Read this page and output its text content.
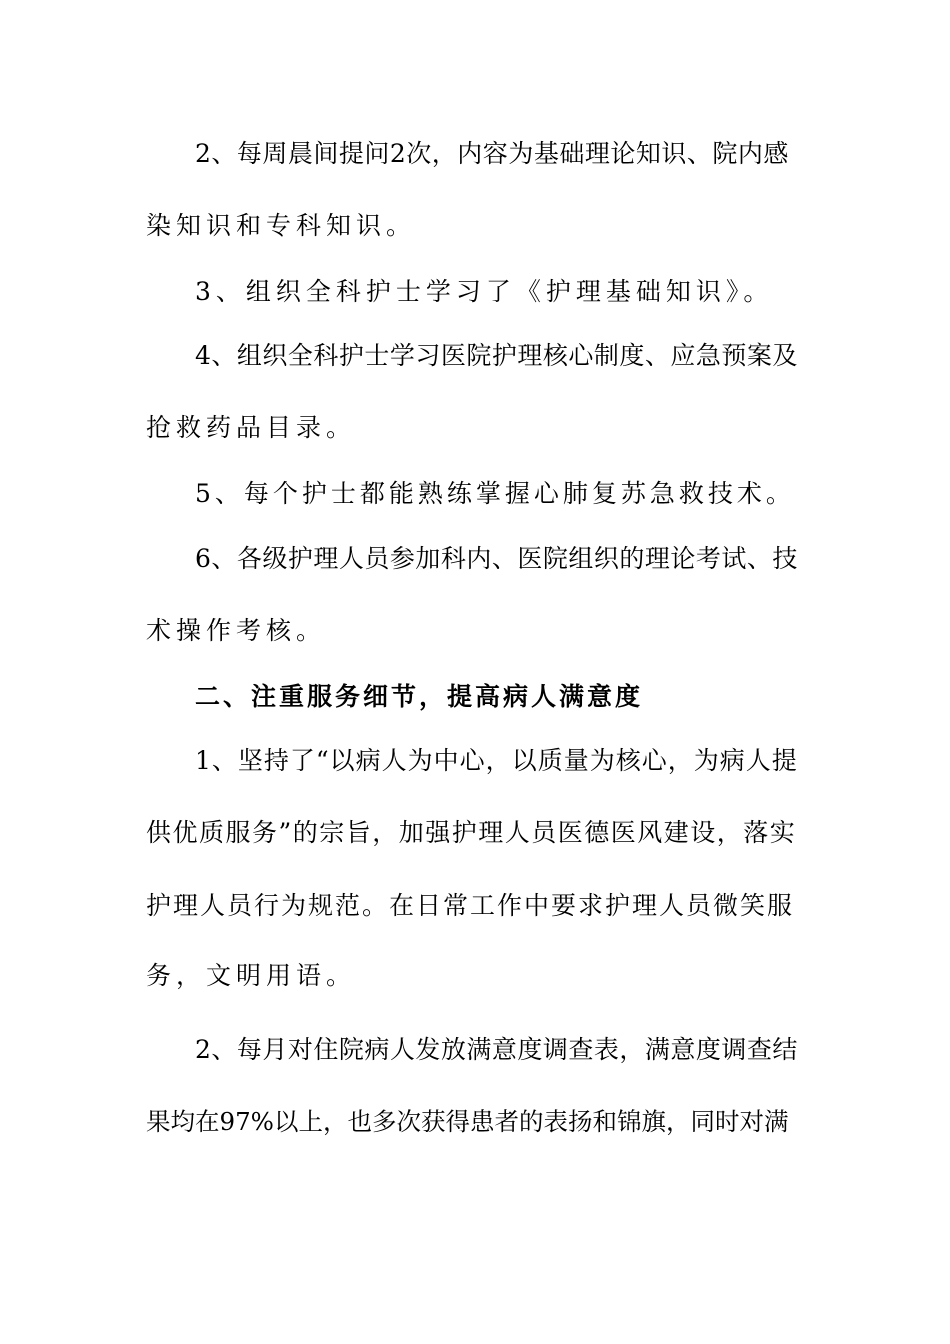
2、每周晨间提问2次，内容为基础理论知识、院内感
染知识和专科知识。
3、组织全科护士学习了《护理基础知识》。
4、组织全科护士学习医院护理核心制度、应急预案及
抢救药品目录。
5、每个护士都能熟练掌握心肺复苏急救技术。
6、各级护理人员参加科内、医院组织的理论考试、技
术操作考核。
二、注重服务细节，提高病人满意度
1、坚持了“以病人为中心，以质量为核心，为病人提
供优质服务”的宗旨，加强护理人员医德医风建设，落实
护理人员行为规范。在日常工作中要求护理人员微笑服
务，文明用语。
2、每月对住院病人发放满意度调查表，满意度调查结
果均在97%以上，也多次获得患者的表扬和锦旗，同时对满
